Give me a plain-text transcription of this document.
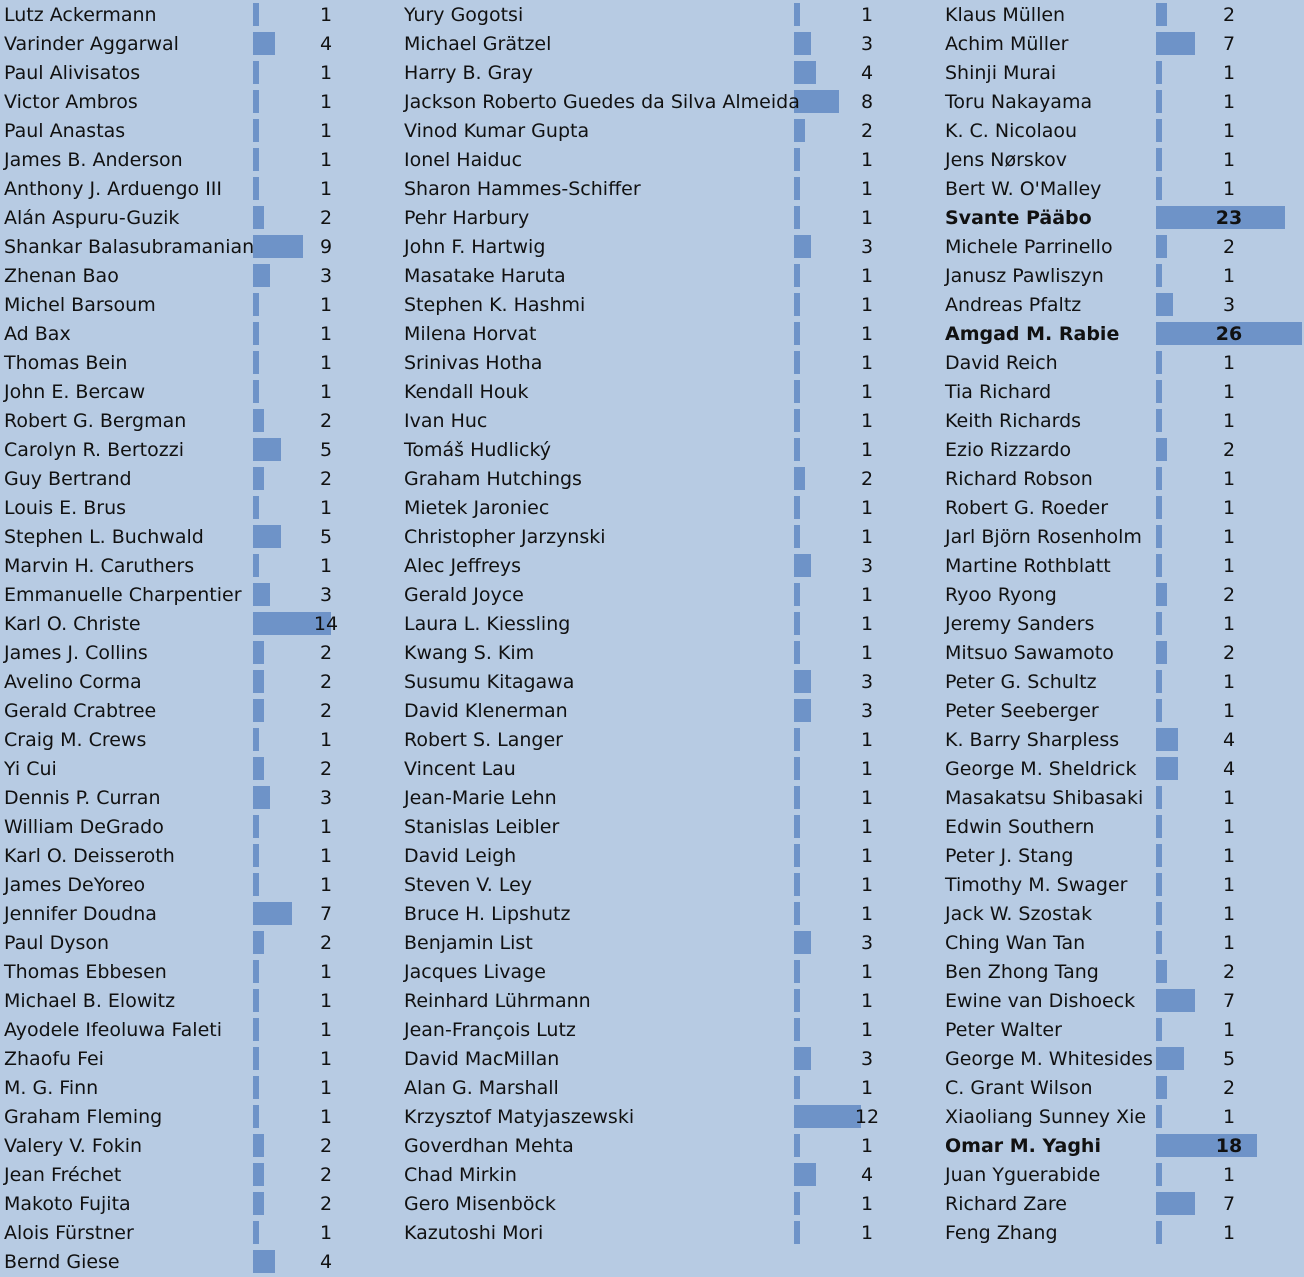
Lutz Ackermann	1
Varinder Aggarwal	4
Paul Alivisatos	1
Victor Ambros	1
Paul Anastas	1
James B. Anderson	1
Anthony J. Arduengo III	1
Alán Aspuru-Guzik	2
Shankar Balasubramanian	9
Zhenan Bao	3
Michel Barsoum	1
Ad Bax	1
Thomas Bein	1
John E. Bercaw	1
Robert G. Bergman	2
Carolyn R. Bertozzi	5
Guy Bertrand	2
Louis E. Brus	1
Stephen L. Buchwald	5
Marvin H. Caruthers	1
Emmanuelle Charpentier	3
Karl O. Christe	14
James J. Collins	2
Avelino Corma	2
Gerald Crabtree	2
Craig M. Crews	1
Yi Cui	2
Dennis P. Curran	3
William DeGrado	1
Karl O. Deisseroth	1
James DeYoreo	1
Jennifer Doudna	7
Paul Dyson	2
Thomas Ebbesen	1
Michael B. Elowitz	1
Ayodele Ifeoluwa Faleti	1
Zhaofu Fei	1
M. G. Finn	1
Graham Fleming	1
Valery V. Fokin	2
Jean Fréchet	2
Makoto Fujita	2
Alois Fürstner	1
Bernd Giese	4
Yury Gogotsi	1
Michael Grätzel	3
Harry B. Gray	4
Jackson Roberto Guedes da Silva Almeida	8
Vinod Kumar Gupta	2
Ionel Haiduc	1
Sharon Hammes-Schiffer	1
Pehr Harbury	1
John F. Hartwig	3
Masatake Haruta	1
Stephen K. Hashmi	1
Milena Horvat	1
Srinivas Hotha	1
Kendall Houk	1
Ivan Huc	1
Tomáš Hudlický	1
Graham Hutchings	2
Mietek Jaroniec	1
Christopher Jarzynski	1
Alec Jeffreys	3
Gerald Joyce	1
Laura L. Kiessling	1
Kwang S. Kim	1
Susumu Kitagawa	3
David Klenerman	3
Robert S. Langer	1
Vincent Lau	1
Jean-Marie Lehn	1
Stanislas Leibler	1
David Leigh	1
Steven V. Ley	1
Bruce H. Lipshutz	1
Benjamin List	3
Jacques Livage	1
Reinhard Lührmann	1
Jean-François Lutz	1
David MacMillan	3
Alan G. Marshall	1
Krzysztof Matyjaszewski	12
Goverdhan Mehta	1
Chad Mirkin	4
Gero Misenböck	1
Kazutoshi Mori	1
Klaus Müllen	2
Achim Müller	7
Shinji Murai	1
Toru Nakayama	1
K. C. Nicolaou	1
Jens Nørskov	1
Bert W. O'Malley	1
Svante Pääbo	23
Michele Parrinello	2
Janusz Pawliszyn	1
Andreas Pfaltz	3
Amgad M. Rabie	26
David Reich	1
Tia Richard	1
Keith Richards	1
Ezio Rizzardo	2
Richard Robson	1
Robert G. Roeder	1
Jarl Björn Rosenholm	1
Martine Rothblatt	1
Ryoo Ryong	2
Jeremy Sanders	1
Mitsuo Sawamoto	2
Peter G. Schultz	1
Peter Seeberger	1
K. Barry Sharpless	4
George M. Sheldrick	4
Masakatsu Shibasaki	1
Edwin Southern	1
Peter J. Stang	1
Timothy M. Swager	1
Jack W. Szostak	1
Ching Wan Tan	1
Ben Zhong Tang	2
Ewine van Dishoeck	7
Peter Walter	1
George M. Whitesides	5
C. Grant Wilson	2
Xiaoliang Sunney Xie	1
Omar M. Yaghi	18
Juan Yguerabide	1
Richard Zare	7
Feng Zhang	1
